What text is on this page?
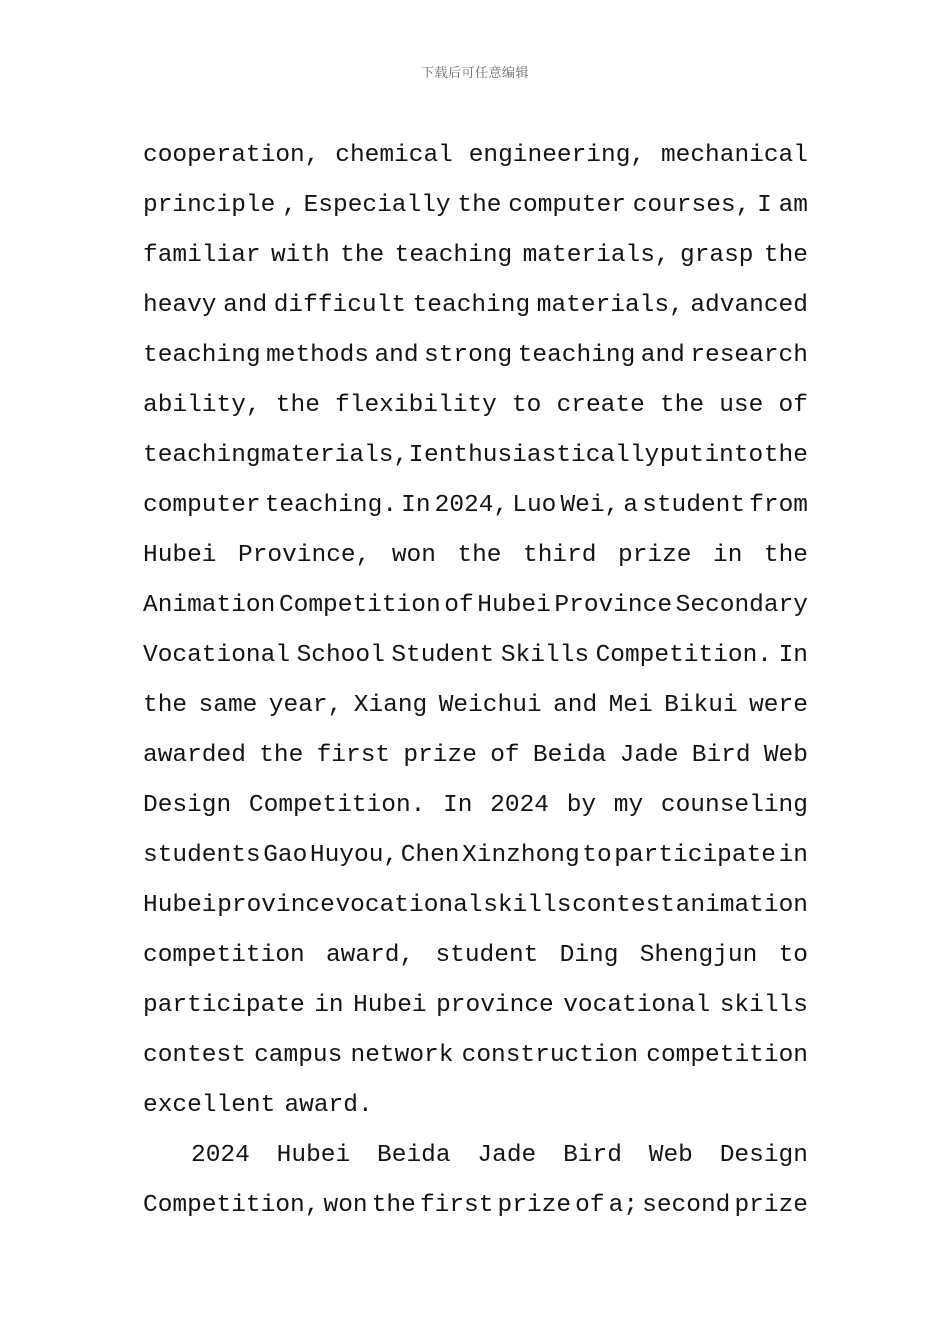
下载后可任意编辑
cooperation, chemical engineering, mechanical
principle , Especially the computer courses, I am
familiar with the teaching materials, grasp the
heavy and difficult teaching materials, advanced
teaching methods and strong teaching and research
ability, the flexibility to create the use of
teaching materials, I enthusiastically put into the
computer teaching. In 2024, Luo Wei, a student from
Hubei Province, won the third prize in the
Animation Competition of Hubei Province Secondary
Vocational School Student Skills Competition. In
the same year, Xiang Weichui and Mei Bikui were
awarded the first prize of Beida Jade Bird Web
Design Competition. In 2024 by my counseling
students Gao Huyou, Chen Xinzhong to participate in
Hubei province vocational skills contest animation
competition award, student Ding Shengjun to
participate in Hubei province vocational skills
contest campus network construction competition
excellent award.
2024 Hubei Beida Jade Bird Web Design
Competition, won the first prize of a; second prize
